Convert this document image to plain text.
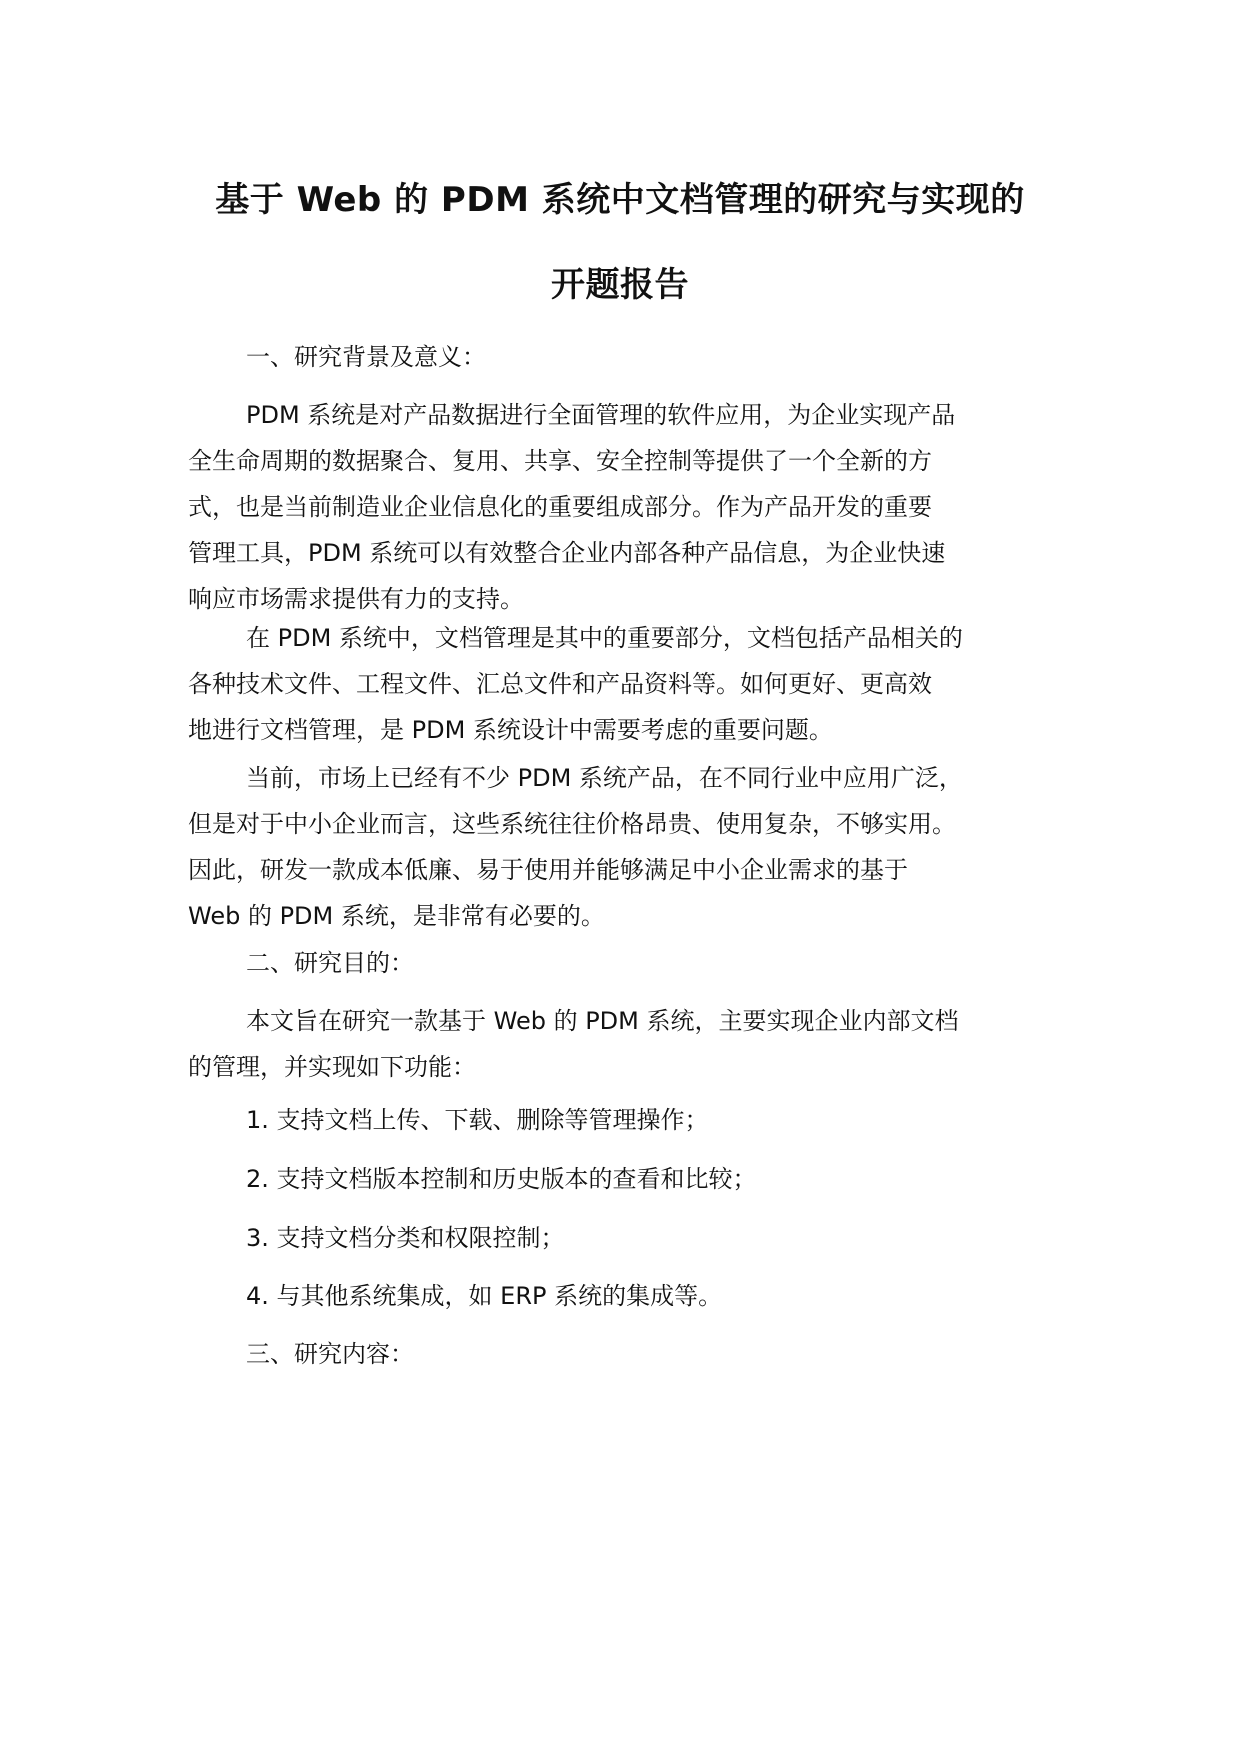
基于 Web 的 PDM 系统中文档管理的研究与实现的
开题报告
一、研究背景及意义：
PDM 系统是对产品数据进行全面管理的软件应用，为企业实现产品
全生命周期的数据聚合、复用、共享、安全控制等提供了一个全新的方
式，也是当前制造业企业信息化的重要组成部分。作为产品开发的重要
管理工具，PDM 系统可以有效整合企业内部各种产品信息，为企业快速
响应市场需求提供有力的支持。
在 PDM 系统中，文档管理是其中的重要部分，文档包括产品相关的
各种技术文件、工程文件、汇总文件和产品资料等。如何更好、更高效
地进行文档管理，是 PDM 系统设计中需要考虑的重要问题。
当前，市场上已经有不少 PDM 系统产品，在不同行业中应用广泛，
但是对于中小企业而言，这些系统往往价格昂贵、使用复杂，不够实用。
因此，研发一款成本低廉、易于使用并能够满足中小企业需求的基于
Web 的 PDM 系统，是非常有必要的。
二、研究目的：
本文旨在研究一款基于 Web 的 PDM 系统，主要实现企业内部文档
的管理，并实现如下功能：
1. 支持文档上传、下载、删除等管理操作；
2. 支持文档版本控制和历史版本的查看和比较；
3. 支持文档分类和权限控制；
4. 与其他系统集成，如 ERP 系统的集成等。
三、研究内容：
